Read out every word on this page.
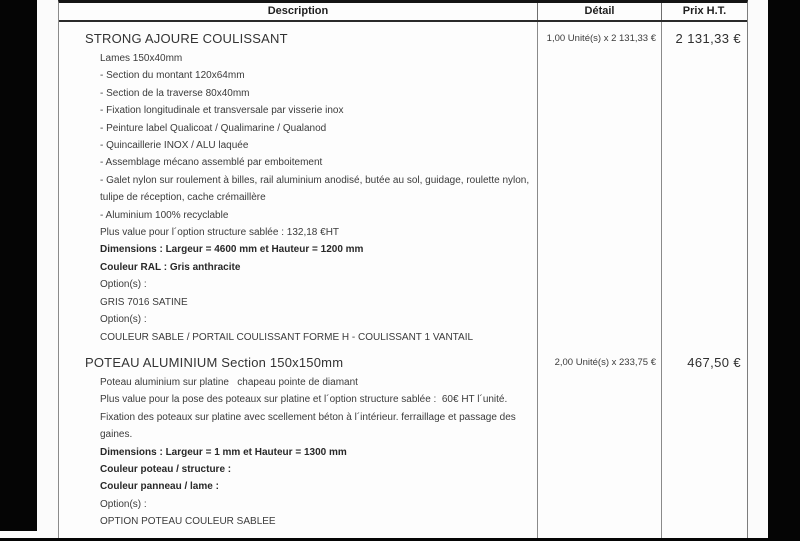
Description	Détail	Prix H.T.
STRONG AJOURE COULISSANT
Lames 150x40mm
- Section du montant 120x64mm
- Section de la traverse 80x40mm
- Fixation longitudinale et transversale par visserie inox
- Peinture label Qualicoat / Qualimarine / Qualanod
- Quincaillerie INOX / ALU laquée
- Assemblage mécano assemblé par emboitement
- Galet nylon sur roulement à billes, rail aluminium anodisé, butée au sol, guidage, roulette nylon,
tulipe de réception, cache crémaillère
- Aluminium 100% recyclable
Plus value pour l´option structure sablée : 132,18 €HT
Dimensions : Largeur = 4600 mm et Hauteur = 1200 mm
Couleur RAL : Gris anthracite
Option(s) :
GRIS 7016 SATINE
Option(s) :
COULEUR SABLE / PORTAIL COULISSANT FORME H - COULISSANT 1 VANTAIL
1,00 Unité(s) x 2 131,33 €	2 131,33 €
POTEAU ALUMINIUM Section 150x150mm
Poteau aluminium sur platine   chapeau pointe de diamant
Plus value pour la pose des poteaux sur platine et l´option structure sablée :  60€ HT l´unité.
Fixation des poteaux sur platine avec scellement béton à l´intérieur. ferraillage et passage des
gaines.
Dimensions : Largeur = 1 mm et Hauteur = 1300 mm
Couleur poteau / structure :
Couleur panneau / lame :
Option(s) :
OPTION POTEAU COULEUR SABLEE
2,00 Unité(s) x 233,75 €	467,50 €
